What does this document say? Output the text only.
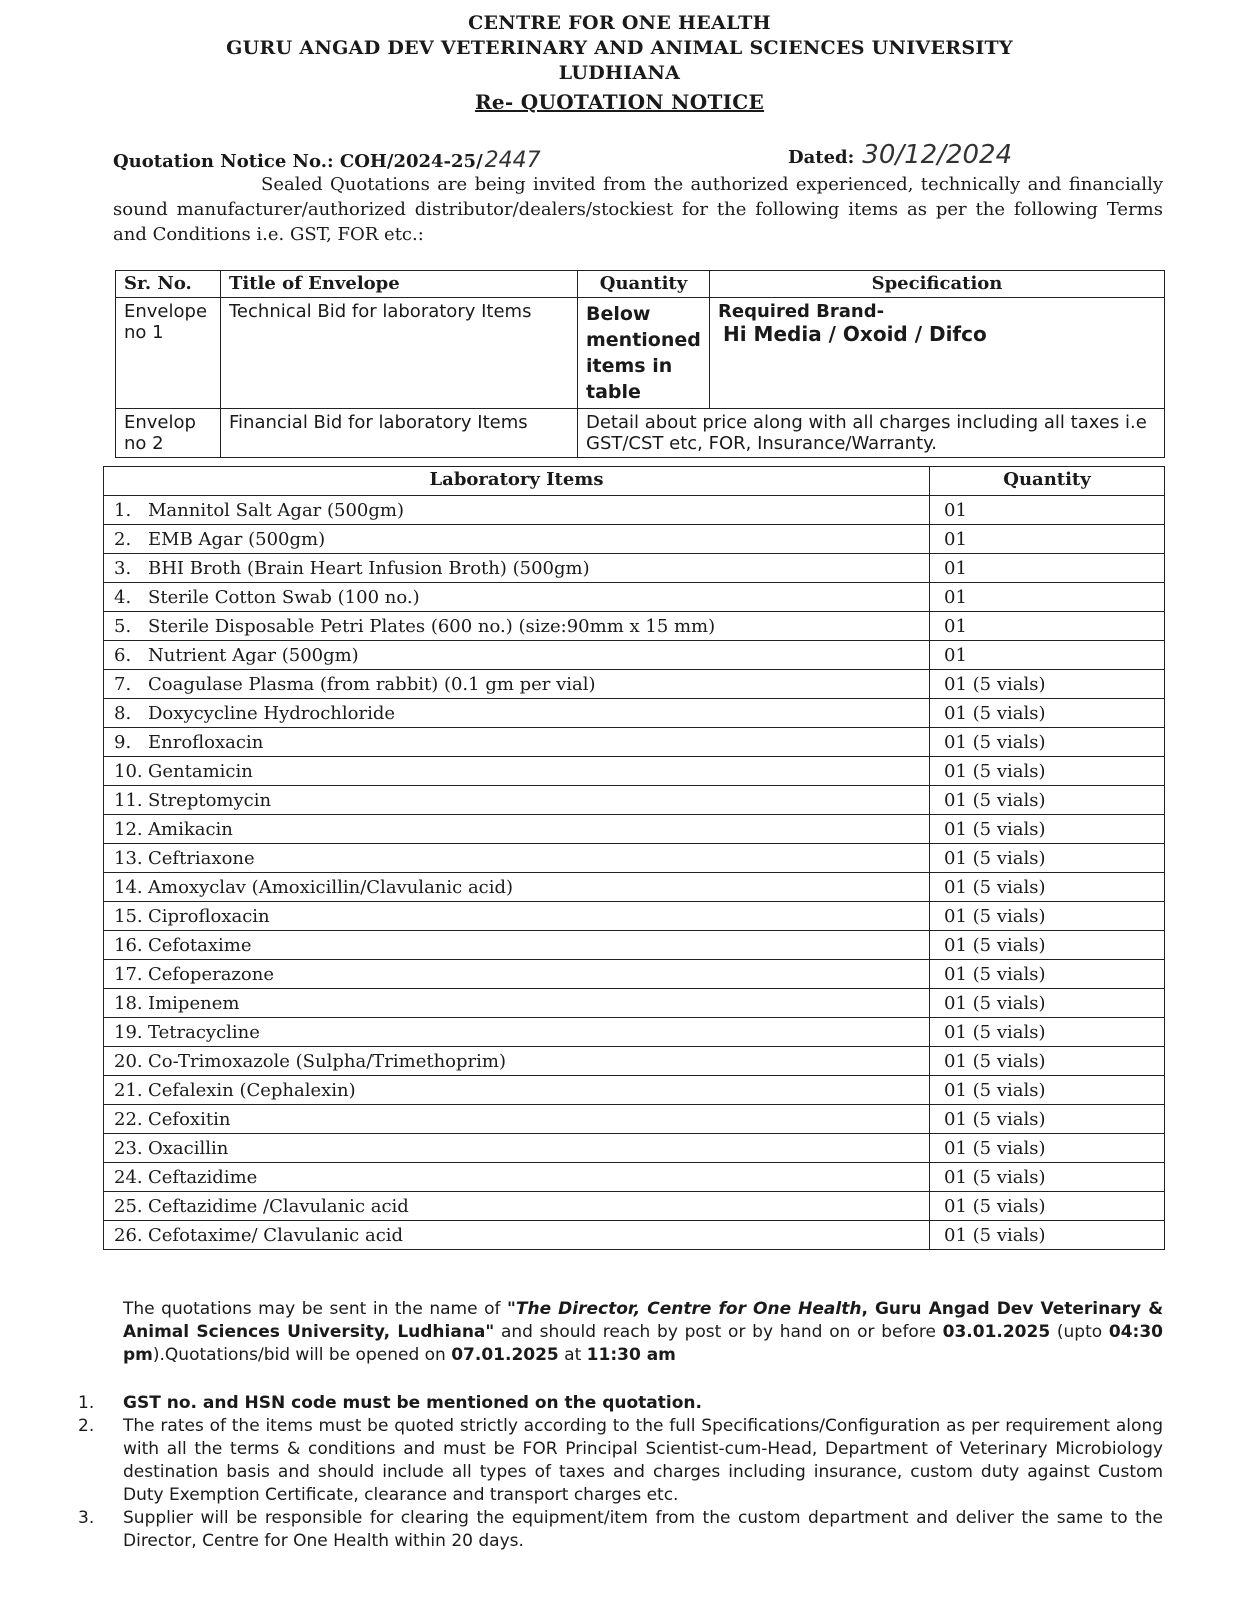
CENTRE FOR ONE HEALTH
GURU ANGAD DEV VETERINARY AND ANIMAL SCIENCES UNIVERSITY
LUDHIANA
Re- QUOTATION NOTICE
Quotation Notice No.: COH/2024-25/2447	Dated: 30/12/2024
Sealed Quotations are being invited from the authorized experienced, technically and financially sound manufacturer/authorized distributor/dealers/stockiest for the following items as per the following Terms and Conditions i.e. GST, FOR etc.:
Sr. No.	Title of Envelope	Quantity	Specification
Envelope no 1	Technical Bid for laboratory Items	Below mentioned items in table	Required Brand-
Hi Media / Oxoid / Difco

Envelop no 2	Financial Bid for laboratory Items	Detail about price along with all charges including all taxes i.e GST/CST etc, FOR, Insurance/Warranty.	
Laboratory Items	Quantity
1. Mannitol Salt Agar (500gm)	01
2. EMB Agar (500gm)	01
3. BHI Broth (Brain Heart Infusion Broth) (500gm)	01
4. Sterile Cotton Swab (100 no.)	01
5. Sterile Disposable Petri Plates (600 no.) (size:90mm x 15 mm)	01
6. Nutrient Agar (500gm)	01
7. Coagulase Plasma (from rabbit) (0.1 gm per vial)	01 (5 vials)
8. Doxycycline Hydrochloride	01 (5 vials)
9. Enrofloxacin	01 (5 vials)
10. Gentamicin	01 (5 vials)
11. Streptomycin	01 (5 vials)
12. Amikacin	01 (5 vials)
13. Ceftriaxone	01 (5 vials)
14. Amoxyclav (Amoxicillin/Clavulanic acid)	01 (5 vials)
15. Ciprofloxacin	01 (5 vials)
16. Cefotaxime	01 (5 vials)
17. Cefoperazone	01 (5 vials)
18. Imipenem	01 (5 vials)
19. Tetracycline	01 (5 vials)
20. Co-Trimoxazole (Sulpha/Trimethoprim)	01 (5 vials)
21. Cefalexin (Cephalexin)	01 (5 vials)
22. Cefoxitin	01 (5 vials)
23. Oxacillin	01 (5 vials)
24. Ceftazidime	01 (5 vials)
25. Ceftazidime /Clavulanic acid	01 (5 vials)
26. Cefotaxime/ Clavulanic acid	01 (5 vials)
The quotations may be sent in the name of "The Director, Centre for One Health, Guru Angad Dev Veterinary & Animal Sciences University, Ludhiana" and should reach by post or by hand on or before 03.01.2025 (upto 04:30 pm).Quotations/bid will be opened on 07.01.2025 at 11:30 am
1.	GST no. and HSN code must be mentioned on the quotation.
2.	The rates of the items must be quoted strictly according to the full Specifications/Configuration as per requirement along with all the terms & conditions and must be FOR Principal Scientist-cum-Head, Department of Veterinary Microbiology destination basis and should include all types of taxes and charges including insurance, custom duty against Custom Duty Exemption Certificate, clearance and transport charges etc.
3.	Supplier will be responsible for clearing the equipment/item from the custom department and deliver the same to the Director, Centre for One Health within 20 days.
